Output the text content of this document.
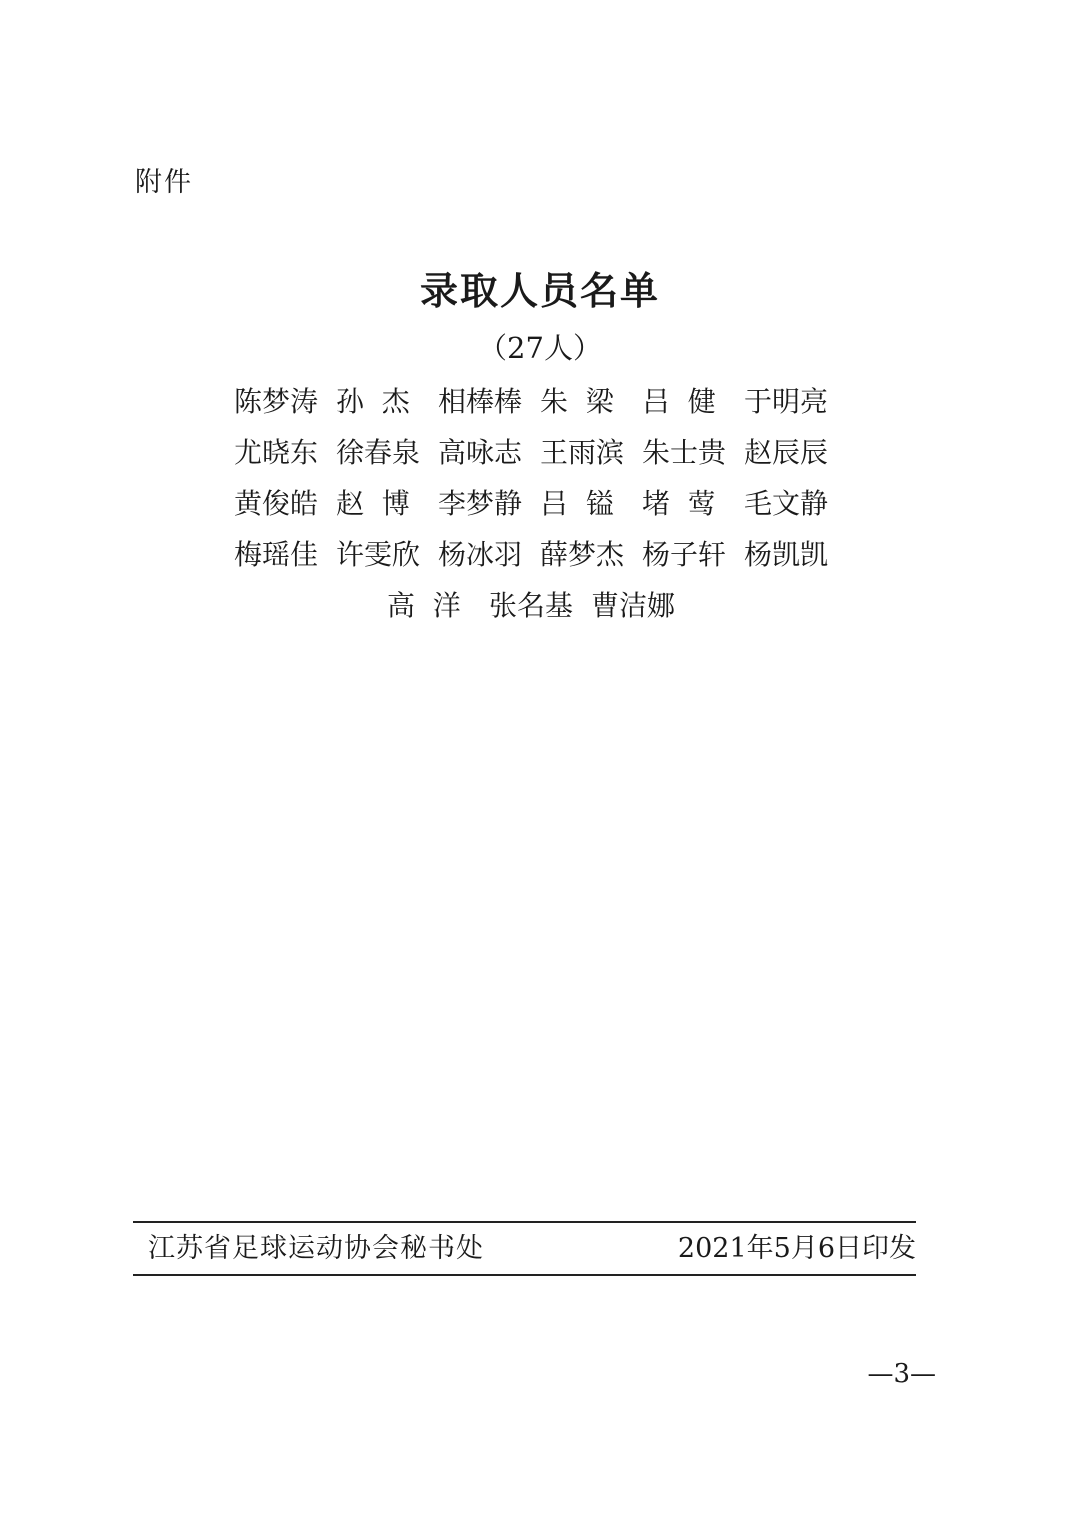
附件
录取人员名单
（27人）
陈梦涛 孙  杰	相棒棒 朱  梁	吕  健	于明亮
尤晓东 徐春泉 高咏志 王雨滨 朱士贵 赵辰辰
黄俊皓 赵  博	李梦静 吕  镒	堵  莺	毛文静
梅瑶佳 许雯欣 杨冰羽 薛梦杰 杨子轩 杨凯凯
高  洋	张名基 曹洁娜
江苏省足球运动协会秘书处	2021年5月6日印发
—3—
